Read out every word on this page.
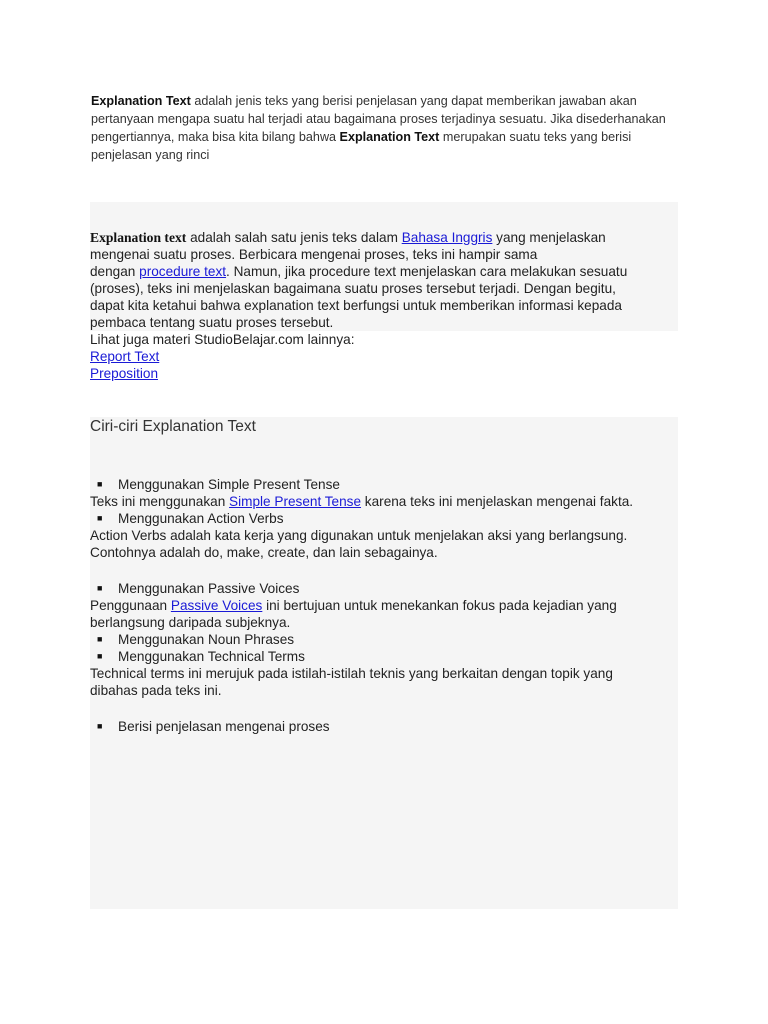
Explanation Text adalah jenis teks yang berisi penjelasan yang dapat memberikan jawaban akan pertanyaan mengapa suatu hal terjadi atau bagaimana proses terjadinya sesuatu. Jika disederhanakan pengertiannya, maka bisa kita bilang bahwa Explanation Text merupakan suatu teks yang berisi penjelasan yang rinci
Explanation text adalah salah satu jenis teks dalam Bahasa Inggris yang menjelaskan
mengenai suatu proses. Berbicara mengenai proses, teks ini hampir sama
dengan procedure text. Namun, jika procedure text menjelaskan cara melakukan sesuatu
(proses), teks ini menjelaskan bagaimana suatu proses tersebut terjadi. Dengan begitu,
dapat kita ketahui bahwa explanation text berfungsi untuk memberikan informasi kepada
pembaca tentang suatu proses tersebut.
Lihat juga materi StudioBelajar.com lainnya:
Report Text
Preposition
Ciri-ciri Explanation Text
■ Menggunakan Simple Present Tense
Teks ini menggunakan Simple Present Tense karena teks ini menjelaskan mengenai fakta.
■ Menggunakan Action Verbs
Action Verbs adalah kata kerja yang digunakan untuk menjelakan aksi yang berlangsung.
Contohnya adalah do, make, create, dan lain sebagainya.
■ Menggunakan Passive Voices
Penggunaan Passive Voices ini bertujuan untuk menekankan fokus pada kejadian yang
berlangsung daripada subjeknya.
■ Menggunakan Noun Phrases
■ Menggunakan Technical Terms
Technical terms ini merujuk pada istilah-istilah teknis yang berkaitan dengan topik yang
dibahas pada teks ini.
■ Berisi penjelasan mengenai proses
